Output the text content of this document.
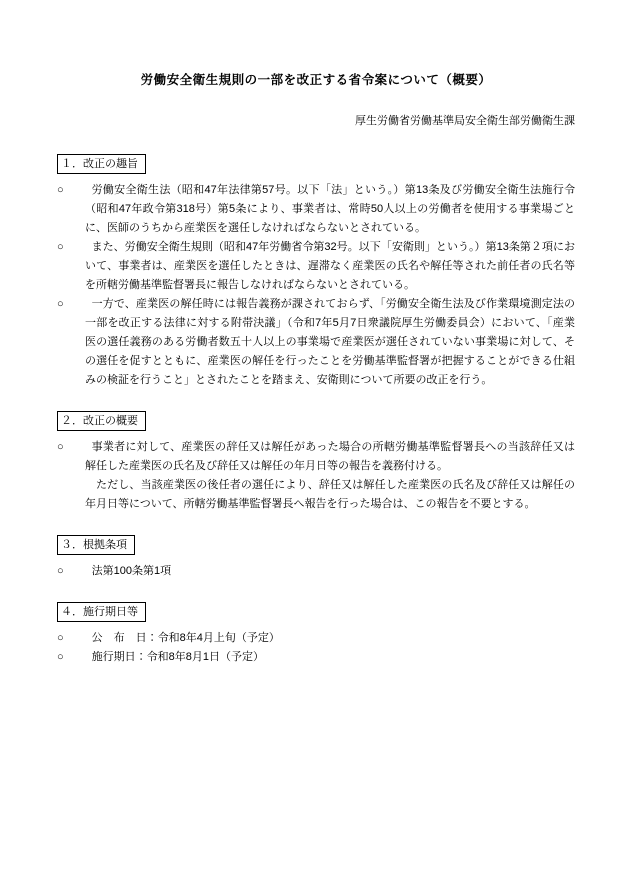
労働安全衛生規則の一部を改正する省令案について（概要）

厚生労働省労働基準局安全衛生部労働衛生課

１．改正の趣旨
○	労働安全衛生法（昭和47年法律第57号。以下「法」という。）第13条及び労働安全衛生法施行令（昭和47年政令第318号）第5条により、事業者は、常時50人以上の労働者を使用する事業場ごとに、医師のうちから産業医を選任しなければならないとされている。

○	また、労働安全衛生規則（昭和47年労働省令第32号。以下「安衛則」という。）第13条第２項において、事業者は、産業医を選任したときは、遅滞なく産業医の氏名や解任等された前任者の氏名等を所轄労働基準監督署長に報告しなければならないとされている。

○	一方で、産業医の解任時には報告義務が課されておらず、「労働安全衛生法及び作業環境測定法の一部を改正する法律に対する附帯決議」（令和7年5月7日衆議院厚生労働委員会）において、「産業医の選任義務のある労働者数五十人以上の事業場で産業医が選任されていない事業場に対して、その選任を促すとともに、産業医の解任を行ったことを労働基準監督署が把握することができる仕組みの検証を行うこと」とされたことを踏まえ、安衛則について所要の改正を行う。

２．改正の概要
○	事業者に対して、産業医の辞任又は解任があった場合の所轄労働基準監督署長への当該辞任又は解任した産業医の氏名及び辞任又は解任の年月日等の報告を義務付ける。

ただし、当該産業医の後任者の選任により、辞任又は解任した産業医の氏名及び辞任又は解任の年月日等について、所轄労働基準監督署長へ報告を行った場合は、この報告を不要とする。

３．根拠条項
○	法第100条第1項

４．施行期日等
○	公　布　日：令和8年4月上旬（予定）

○	施行期日：令和8年8月1日（予定）
